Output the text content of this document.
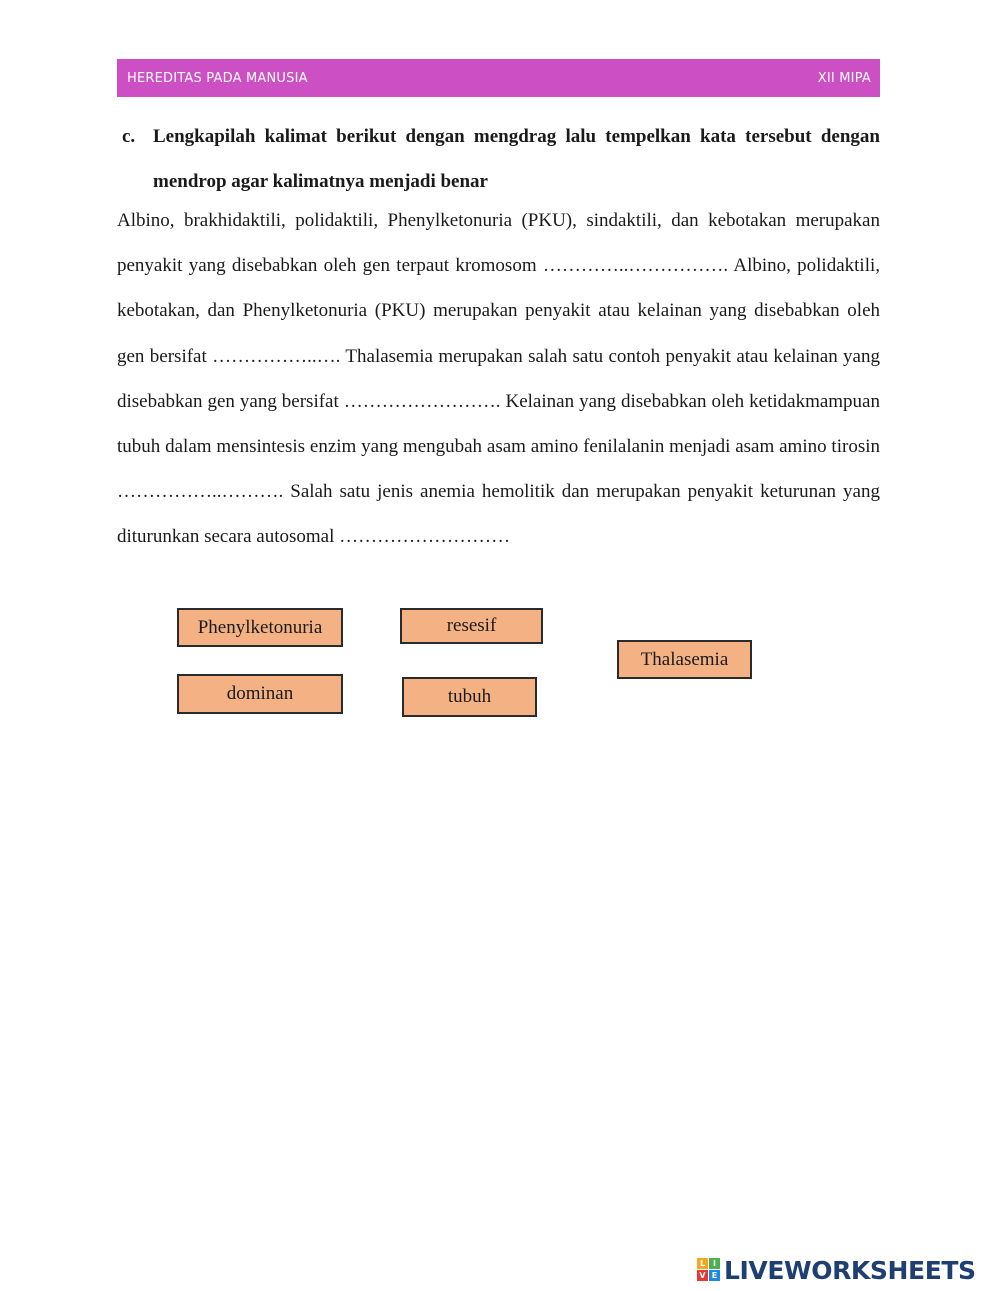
HEREDITAS PADA MANUSIA	XII MIPA
c. Lengkapilah kalimat berikut dengan mengdrag lalu tempelkan kata tersebut dengan mendrop agar kalimatnya menjadi benar

Albino, brakhidaktili, polidaktili, Phenylketonuria (PKU), sindaktili, dan kebotakan merupakan penyakit yang disebabkan oleh gen terpaut kromosom …………..……………. Albino, polidaktili, kebotakan, dan Phenylketonuria (PKU) merupakan penyakit atau kelainan yang disebabkan oleh gen bersifat ……………..…. Thalasemia merupakan salah satu contoh penyakit atau kelainan yang disebabkan gen yang bersifat ……………………. Kelainan yang disebabkan oleh ketidakmampuan tubuh dalam mensintesis enzim yang mengubah asam amino fenilalanin menjadi asam amino tirosin ……………..………. Salah satu jenis anemia hemolitik dan merupakan penyakit keturunan yang diturunkan secara autosomal ………………………

Phenylketonuria	resesif
Thalasemia
dominan	tubuh
L I
V E LIVEWORKSHEETS
